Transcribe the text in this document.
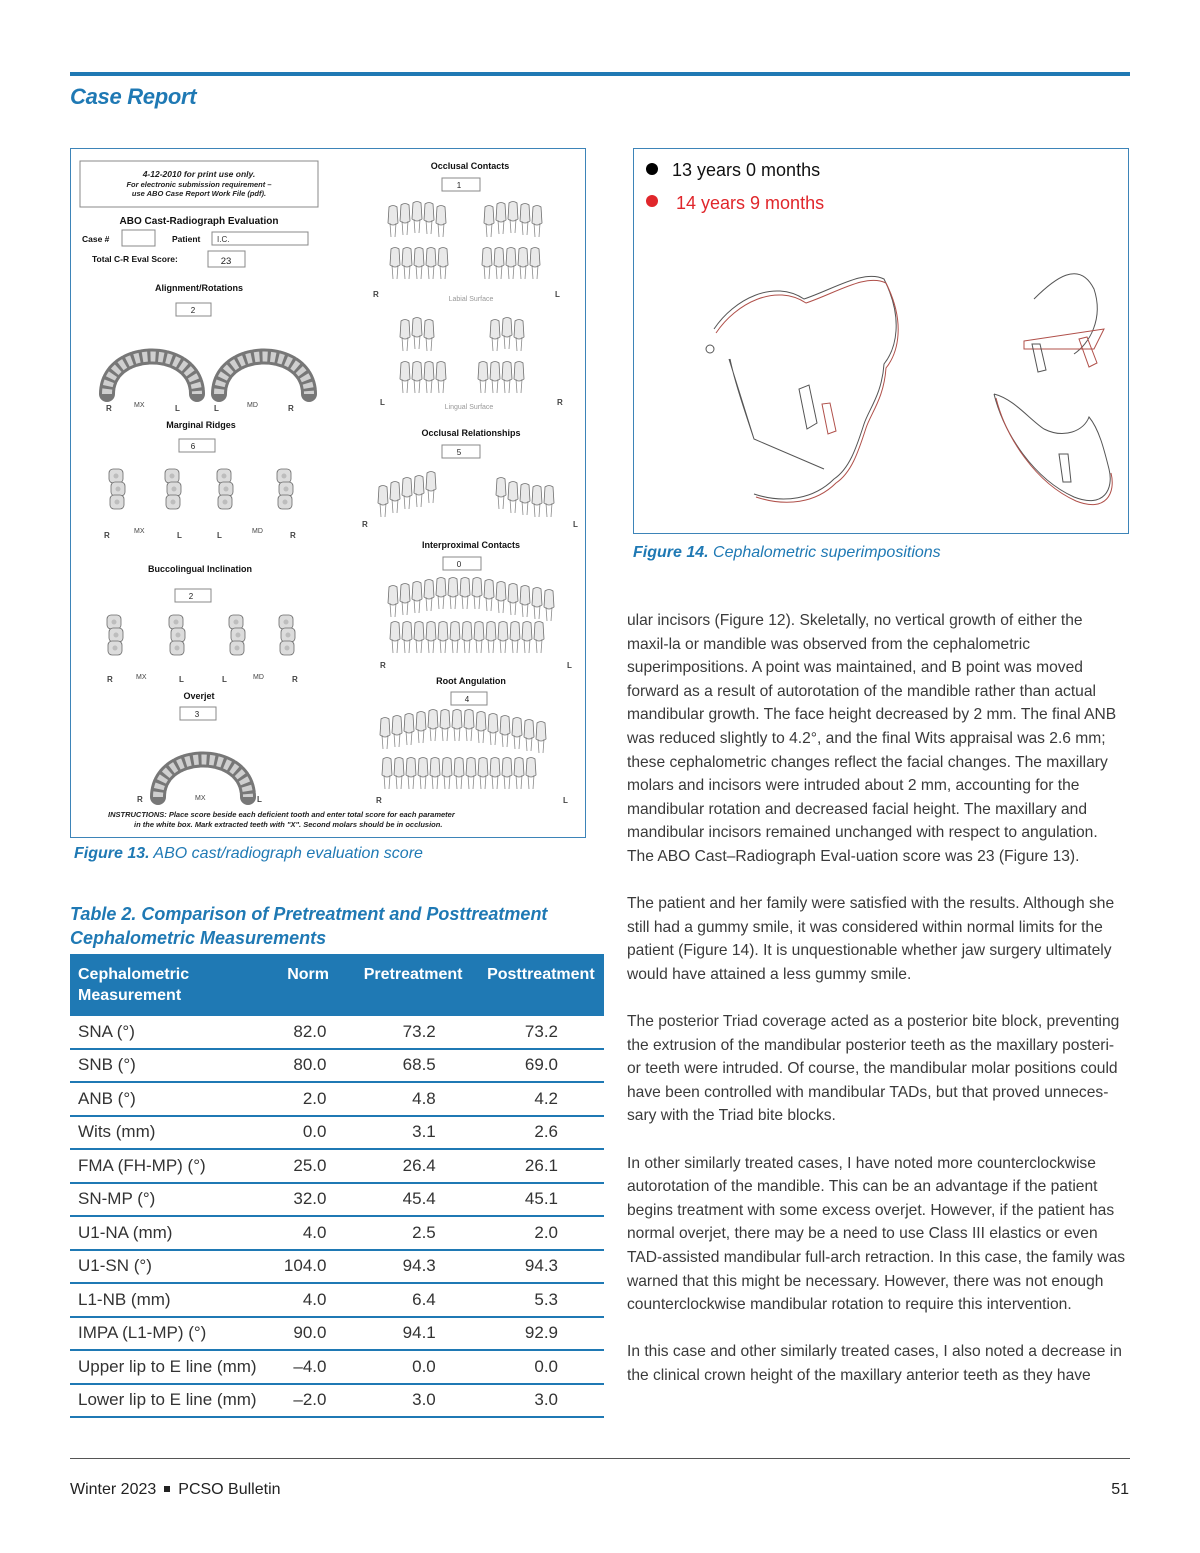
Case Report
4-12-2010 for print use only.
For electronic submission requirement –
use ABO Case Report Work File (pdf).
ABO Cast-Radiograph Evaluation
Case #	Patient I.C.
Total C-R Eval Score:	23
Alignment/Rotations
2
R	MX	L	L	MD	R
Marginal Ridges
6
R	MX	L	L	MD	R
Buccolingual Inclination
2
R	MX	L	L	MD	R
Overjet
3
R	MX	L
Occlusal Contacts
1
R
Labial Surface
L
L
Lingual Surface
R
Occlusal Relationships
5
R	L
Interproximal Contacts
0
R	L
Root Angulation
4
R	L
INSTRUCTIONS: Place score beside each deficient tooth and enter total score for each parameter
in the white box. Mark extracted teeth with "X". Second molars should be in occlusion.
Figure 13. ABO cast/radiograph evaluation score
13 years 0 months
14 years 9 months
Figure 14. Cephalometric superimpositions
Table 2. Comparison of Pretreatment and Posttreatment
Cephalometric Measurements
Cephalometric Measurement	Norm	Pretreatment	Posttreatment
SNA (°)	82.0	73.2	73.2
SNB (°)	80.0	68.5	69.0
ANB (°)	2.0	4.8	4.2
Wits (mm)	0.0	3.1	2.6
FMA (FH-MP) (°)	25.0	26.4	26.1
SN-MP (°)	32.0	45.4	45.1
U1-NA (mm)	4.0	2.5	2.0
U1-SN (°)	104.0	94.3	94.3
L1-NB (mm)	4.0	6.4	5.3
IMPA (L1-MP) (°)	90.0	94.1	92.9
Upper lip to E line (mm)	–4.0	0.0	0.0
Lower lip to E line (mm)	–2.0	3.0	3.0

ular incisors (Figure 12). Skeletally, no vertical growth of either the maxil-la or mandible was observed from the cephalometric superimpositions. A point was maintained, and B point was moved forward as a result of autorotation of the mandible rather than actual mandibular growth. The face height decreased by 2 mm. The final ANB was reduced slightly to 4.2°, and the final Wits appraisal was 2.6 mm; these cephalometric changes reflect the facial changes. The maxillary molars and incisors were intruded about 2 mm, accounting for the mandibular rotation and decreased facial height. The maxillary and mandibular incisors remained unchanged with respect to angulation. The ABO Cast–Radiograph Eval-uation score was 23 (Figure 13).

The patient and her family were satisfied with the results. Although she still had a gummy smile, it was considered within normal limits for the patient (Figure 14). It is unquestionable whether jaw surgery ultimately would have attained a less gummy smile.

The posterior Triad coverage acted as a posterior bite block, preventing the extrusion of the mandibular posterior teeth as the maxillary posteri-or teeth were intruded. Of course, the mandibular molar positions could have been controlled with mandibular TADs, but that proved unneces-sary with the Triad bite blocks.

In other similarly treated cases, I have noted more counterclockwise autorotation of the mandible. This can be an advantage if the patient begins treatment with some excess overjet. However, if the patient has normal overjet, there may be a need to use Class III elastics or even TAD-assisted mandibular full-arch retraction. In this case, the family was warned that this might be necessary. However, there was not enough counterclockwise mandibular rotation to require this intervention.

In this case and other similarly treated cases, I also noted a decrease in the clinical crown height of the maxillary anterior teeth as they have

Winter 2023 PCSO Bulletin	51
